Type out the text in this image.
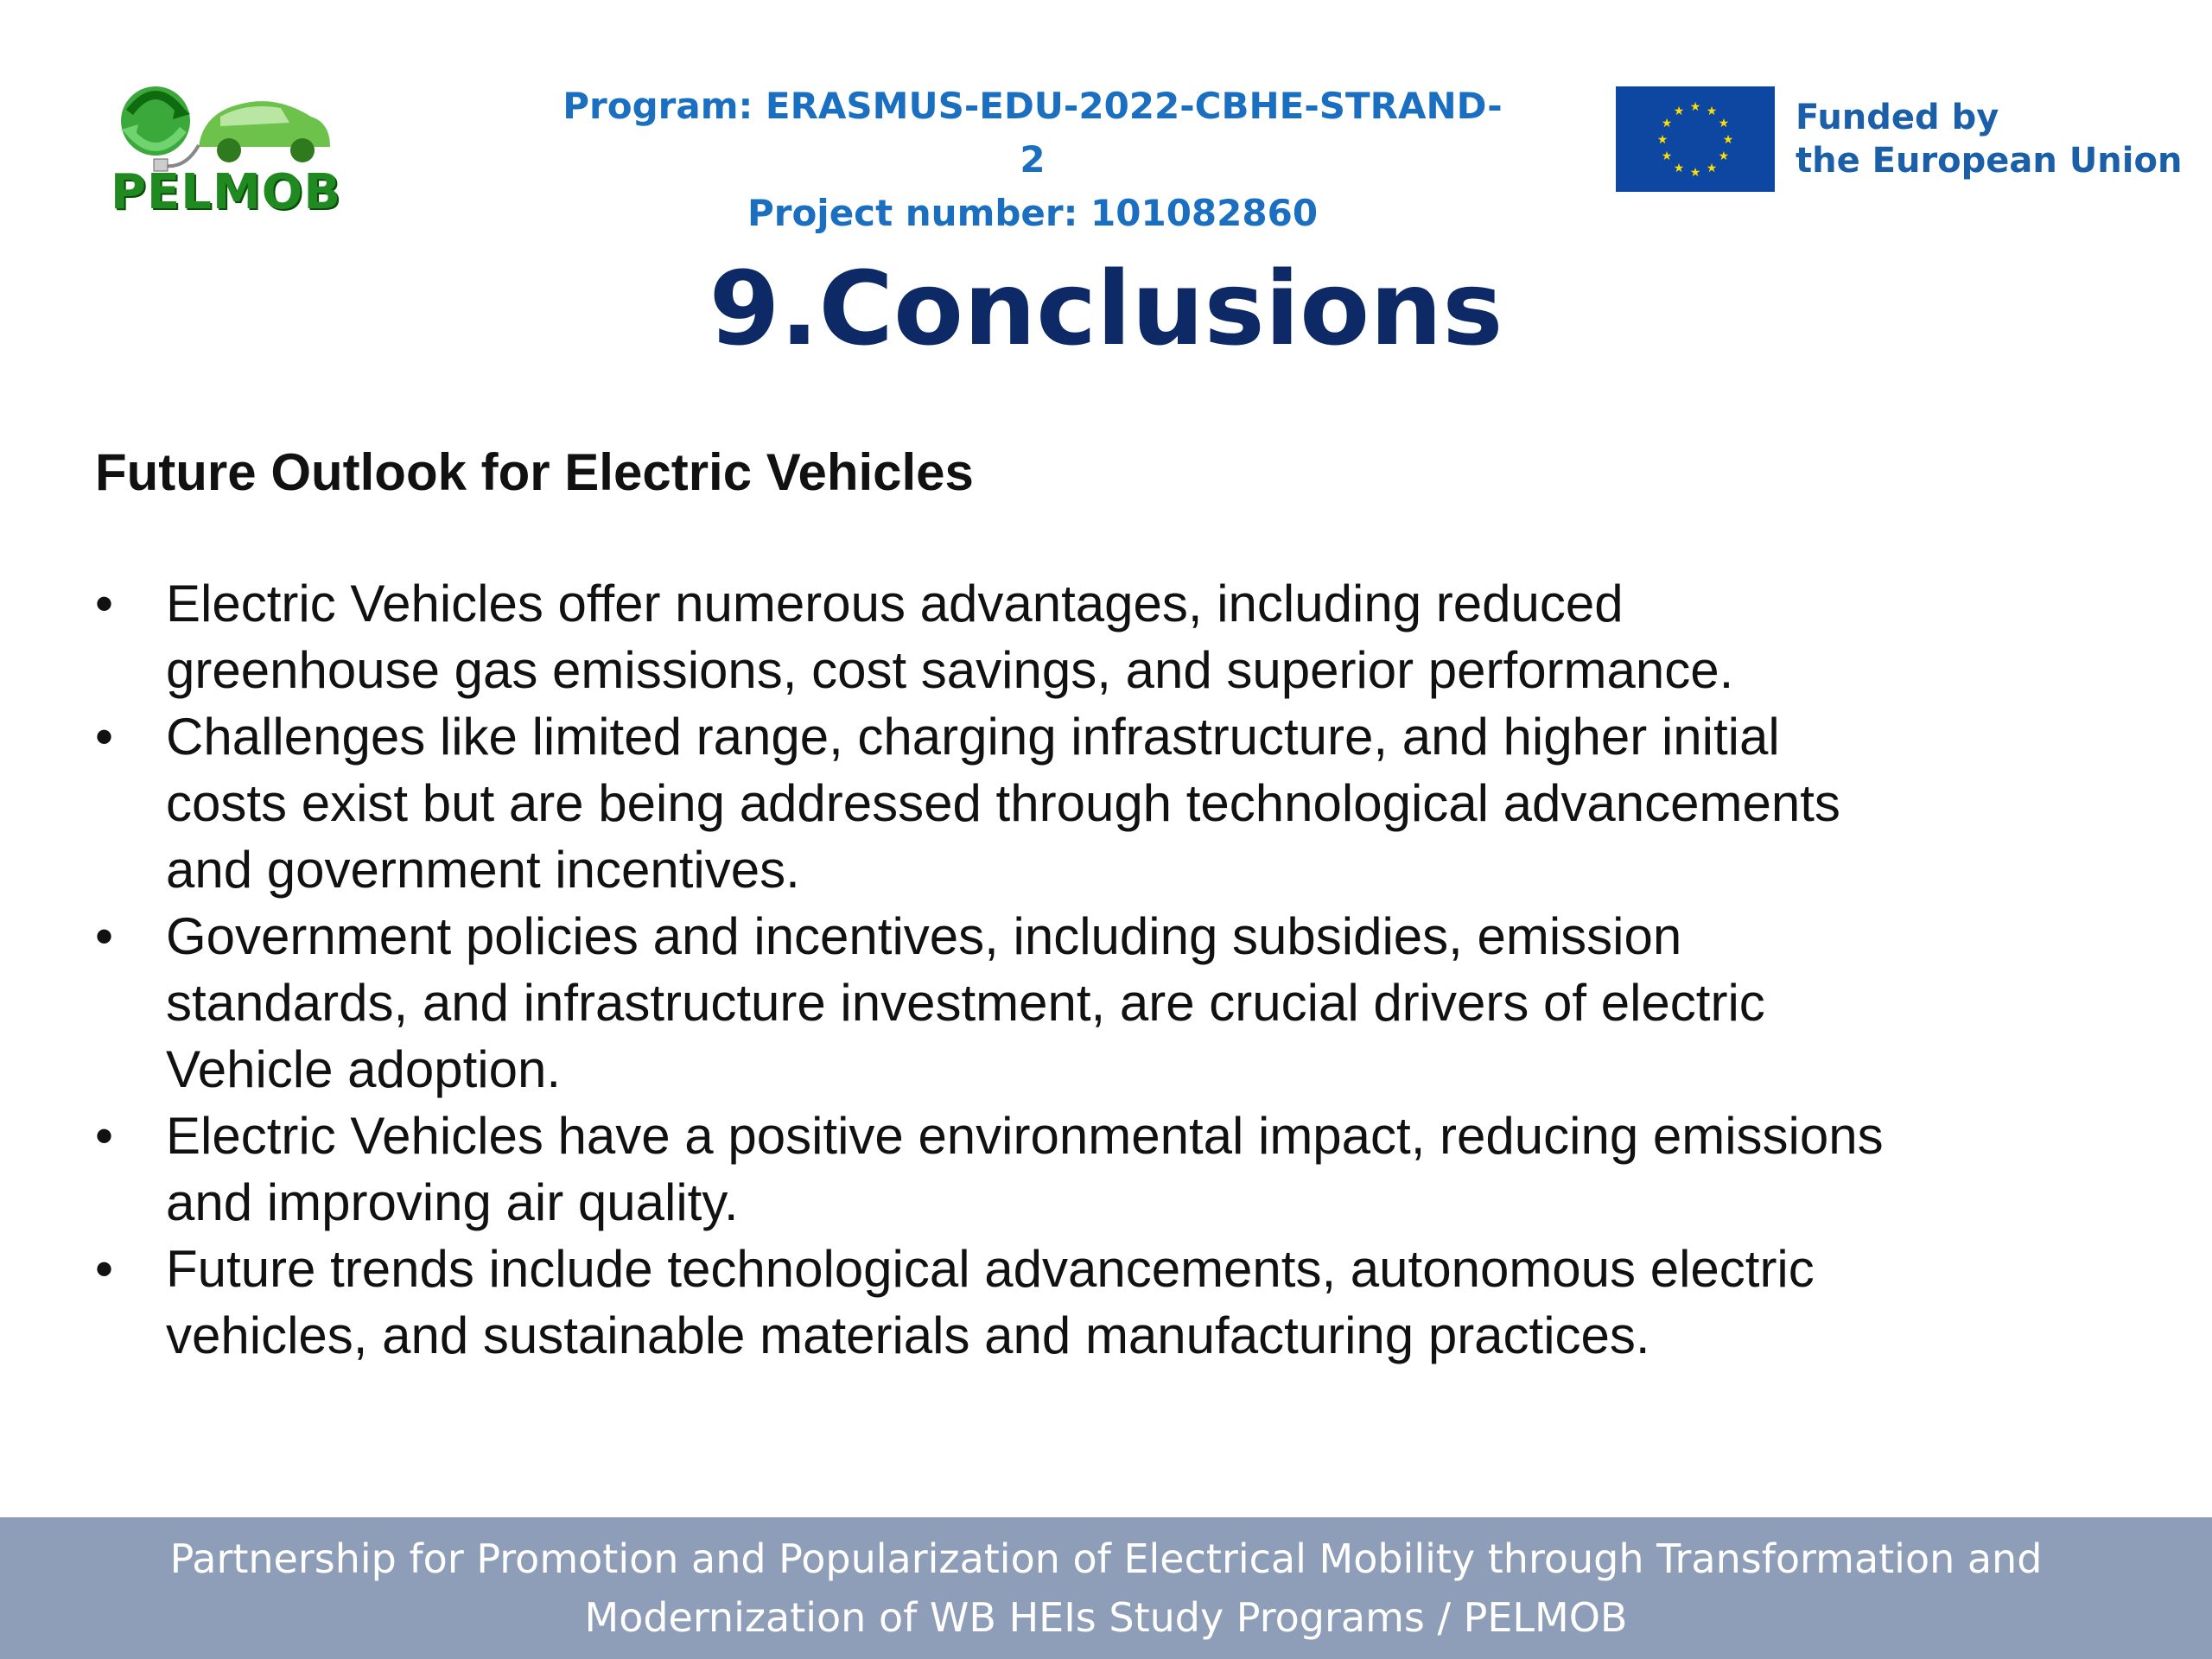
PELMOB
Program: ERASMUS-EDU-2022-CBHE-STRAND-2
Project number: 101082860
★ ★
★
★
★
★
★
★
★
★
★
★	Funded by
the European Union
9.Conclusions
Future Outlook for Electric Vehicles
• Electric Vehicles offer numerous advantages, including reduced
greenhouse gas emissions, cost savings, and superior performance.
• Challenges like limited range, charging infrastructure, and higher initial
costs exist but are being addressed through technological advancements
and government incentives.
• Government policies and incentives, including subsidies, emission
standards, and infrastructure investment, are crucial drivers of electric
Vehicle adoption.
• Electric Vehicles have a positive environmental impact, reducing emissions
and improving air quality.
• Future trends include technological advancements, autonomous electric
vehicles, and sustainable materials and manufacturing practices.
Partnership for Promotion and Popularization of Electrical Mobility through Transformation and
Modernization of WB HEIs Study Programs / PELMOB
